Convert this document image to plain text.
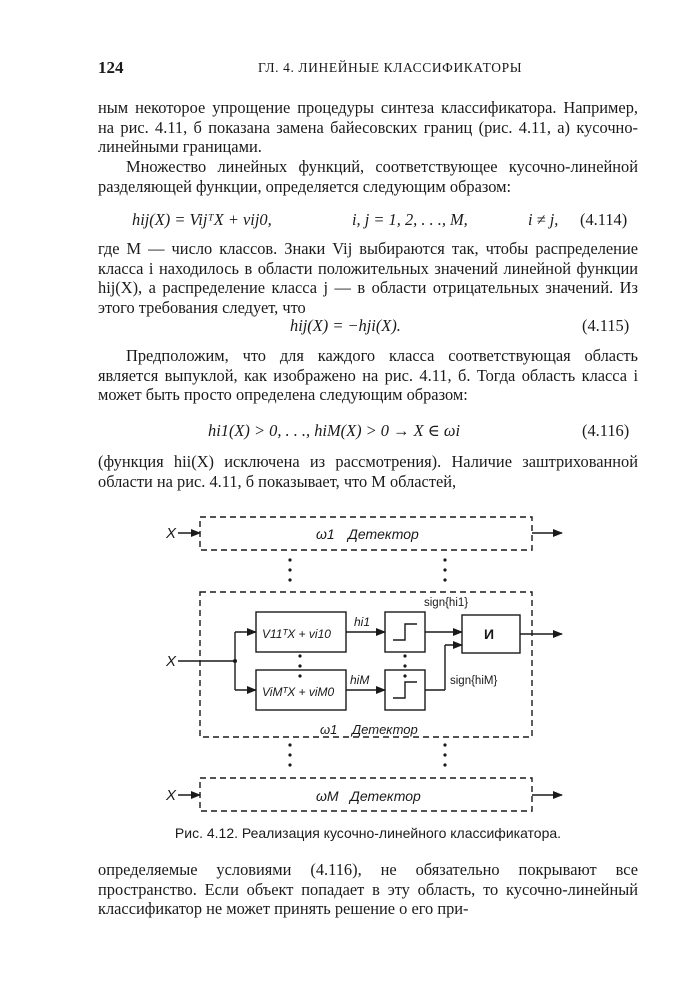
124	ГЛ. 4. ЛИНЕЙНЫЕ КЛАССИФИКАТОРЫ
ным некоторое упрощение процедуры синтеза классификатора. Например, на рис. 4.11, б показана замена байесовских границ (рис. 4.11, а) кусочно-линейными границами.
Множество линейных функций, соответствующее кусочно-линейной разделяющей функции, определяется следующим образом:
hij(X) = VijᵀX + vij0,	i, j = 1, 2, . . ., M,	i ≠ j, (4.114)
где M — число классов. Знаки Vij выбираются так, чтобы распределение класса i находилось в области положительных значений линейной функции hij(X), а распределение класса j — в области отрицательных значений. Из этого требования следует, что
hij(X) = −hji(X).	(4.115)
Предположим, что для каждого класса соответствующая область является выпуклой, как изображено на рис. 4.11, б. Тогда область класса i может быть просто определена следующим образом:
hi1(X) > 0, . . ., hiM(X) > 0 → X ∈ ωi	(4.116)
(функция hii(X) исключена из рассмотрения). Наличие заштрихованной области на рис. 4.11, б показывает, что M областей,
X
X
X
ω1 Детектор
ω1 Детектор
ωM Детектор
V11ᵀX + vi10
ViMᵀX + viM0
hi1
hiM
sign{hi1}
sign{hiM}
И
Рис. 4.12. Реализация кусочно-линейного классификатора.
определяемые условиями (4.116), не обязательно покрывают все пространство. Если объект попадает в эту область, то кусочно-линейный классификатор не может принять решение о его при-
